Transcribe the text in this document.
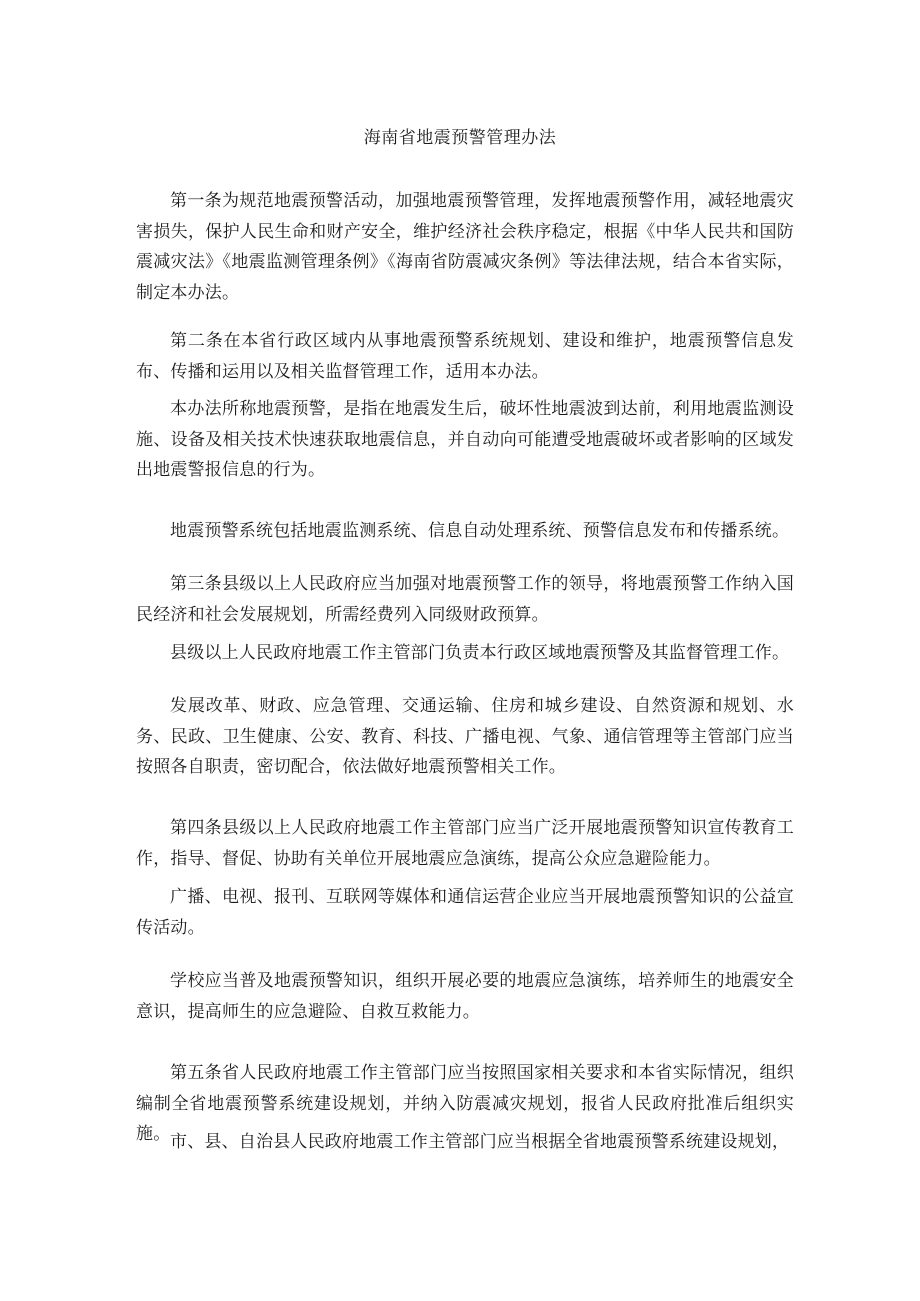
海南省地震预警管理办法

第一条为规范地震预警活动，加强地震预警管理，发挥地震预警作用，减轻地震灾害损失，保护人民生命和财产安全，维护经济社会秩序稳定，根据《中华人民共和国防震减灾法》《地震监测管理条例》《海南省防震减灾条例》等法律法规，结合本省实际，制定本办法。

第二条在本省行政区域内从事地震预警系统规划、建设和维护，地震预警信息发布、传播和运用以及相关监督管理工作，适用本办法。

本办法所称地震预警，是指在地震发生后，破坏性地震波到达前，利用地震监测设施、设备及相关技术快速获取地震信息，并自动向可能遭受地震破坏或者影响的区域发出地震警报信息的行为。

地震预警系统包括地震监测系统、信息自动处理系统、预警信息发布和传播系统。

第三条县级以上人民政府应当加强对地震预警工作的领导，将地震预警工作纳入国民经济和社会发展规划，所需经费列入同级财政预算。

县级以上人民政府地震工作主管部门负责本行政区域地震预警及其监督管理工作。

发展改革、财政、应急管理、交通运输、住房和城乡建设、自然资源和规划、水务、民政、卫生健康、公安、教育、科技、广播电视、气象、通信管理等主管部门应当按照各自职责，密切配合，依法做好地震预警相关工作。

第四条县级以上人民政府地震工作主管部门应当广泛开展地震预警知识宣传教育工作，指导、督促、协助有关单位开展地震应急演练，提高公众应急避险能力。

广播、电视、报刊、互联网等媒体和通信运营企业应当开展地震预警知识的公益宣传活动。

学校应当普及地震预警知识，组织开展必要的地震应急演练，培养师生的地震安全意识，提高师生的应急避险、自救互救能力。

第五条省人民政府地震工作主管部门应当按照国家相关要求和本省实际情况，组织编制全省地震预警系统建设规划，并纳入防震减灾规划，报省人民政府批准后组织实施。 市、县、自治县人民政府地震工作主管部门应当根据全省地震预警系统建设规划，
